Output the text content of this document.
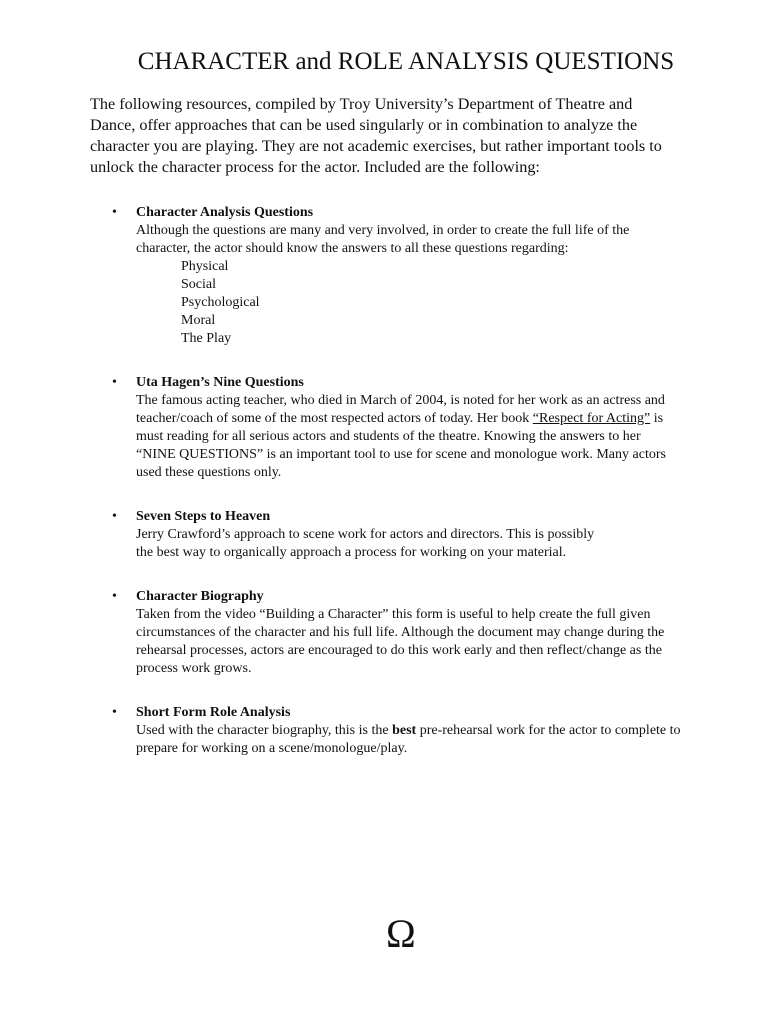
CHARACTER and ROLE ANALYSIS QUESTIONS

The following resources, compiled by Troy University’s Department of Theatre and
Dance, offer approaches that can be used singularly or in combination to analyze the
character you are playing. They are not academic exercises, but rather important tools to
unlock the character process for the actor. Included are the following:

• Character Analysis Questions
Although the questions are many and very involved, in order to create the full life of the
character, the actor should know the answers to all these questions regarding:
Physical
Social
Psychological
Moral
The Play
• Uta Hagen’s Nine Questions
The famous acting teacher, who died in March of 2004, is noted for her work as an actress and
teacher/coach of some of the most respected actors of today. Her book “Respect for Acting” is
must reading for all serious actors and students of the theatre. Knowing the answers to her
“NINE QUESTIONS” is an important tool to use for scene and monologue work. Many actors
used these questions only.
• Seven Steps to Heaven
Jerry Crawford’s approach to scene work for actors and directors. This is possibly
the best way to organically approach a process for working on your material.
• Character Biography
Taken from the video “Building a Character” this form is useful to help create the full given
circumstances of the character and his full life. Although the document may change during the
rehearsal processes, actors are encouraged to do this work early and then reflect/change as the
process work grows.
• Short Form Role Analysis
Used with the character biography, this is the best pre-rehearsal work for the actor to complete to
prepare for working on a scene/monologue/play.
Ω
